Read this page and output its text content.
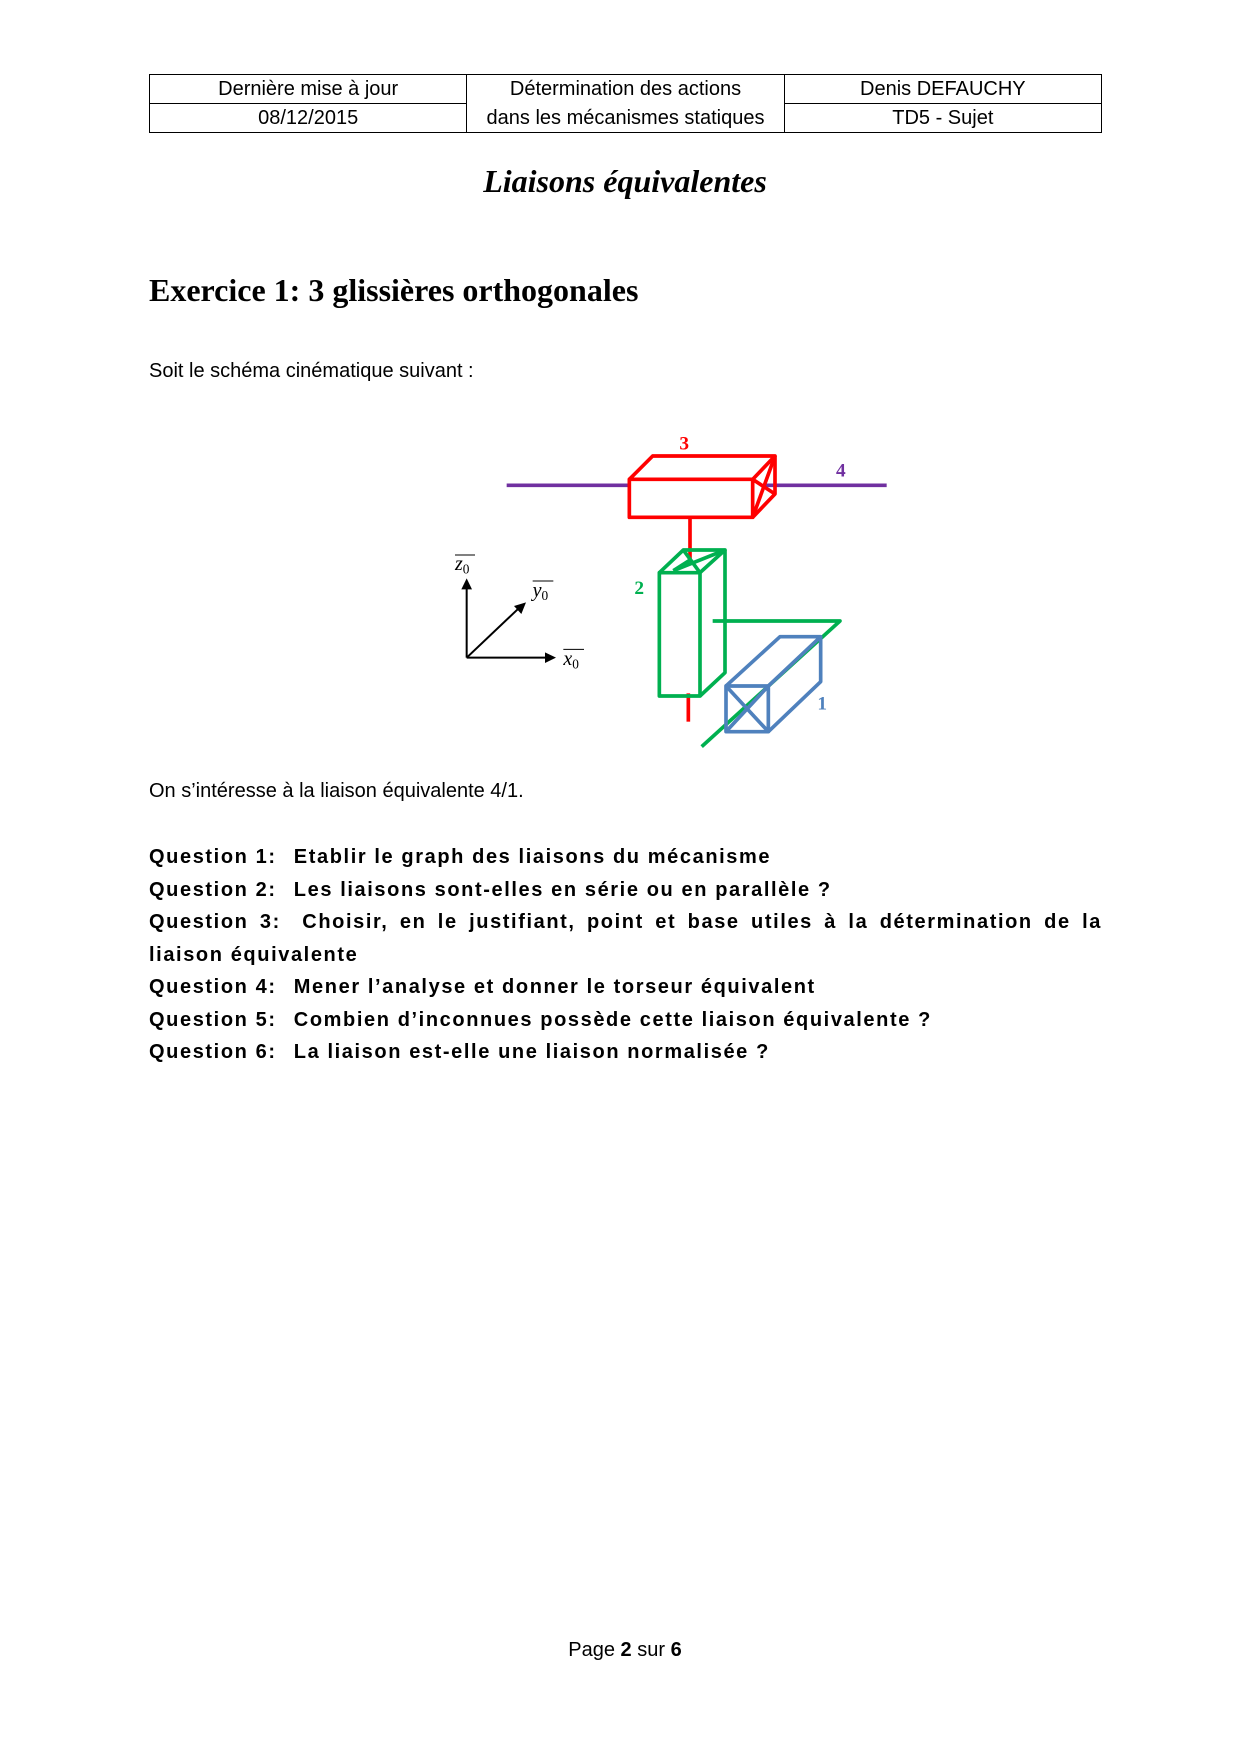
Dernière mise à jour	Détermination des actions	Denis DEFAUCHY
08/12/2015	dans les mécanismes statiques	TD5 - Sujet
Liaisons équivalentes
Exercice 1: 3 glissières orthogonales
Soit le schéma cinématique suivant :
z0
y0
x0
3
4
2
1
On s’intéresse à la liaison équivalente 4/1.
Question 1: Etablir le graph des liaisons du mécanisme
Question 2: Les liaisons sont-elles en série ou en parallèle ?
Question 3: Choisir, en le justifiant, point et base utiles à la détermination de la liaison équivalente
Question 4: Mener l’analyse et donner le torseur équivalent
Question 5: Combien d’inconnues possède cette liaison équivalente ?
Question 6: La liaison est-elle une liaison normalisée ?
Page 2 sur 6
